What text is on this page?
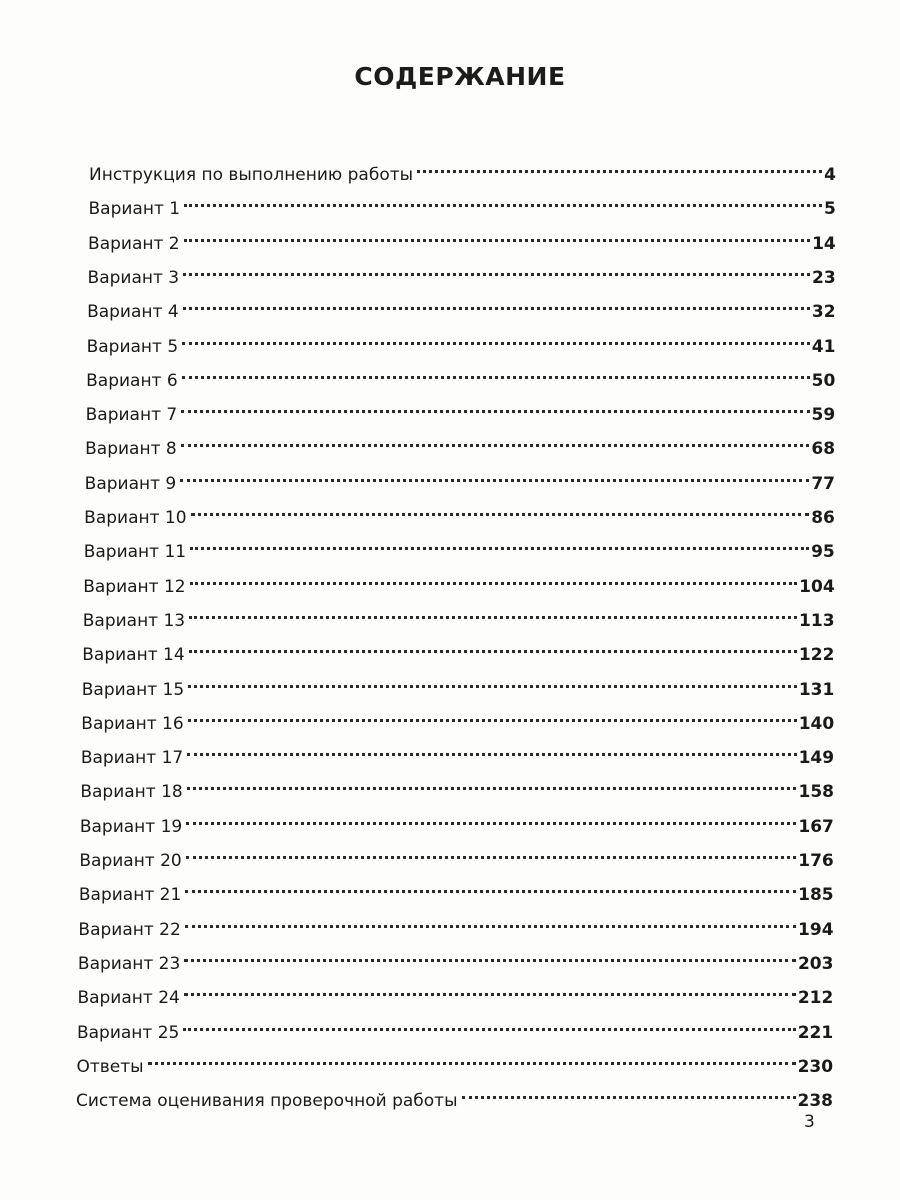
СОДЕРЖАНИЕ
Инструкция по выполнению работы	4
Вариант 1	5
Вариант 2	14
Вариант 3	23
Вариант 4	32
Вариант 5	41
Вариант 6	50
Вариант 7	59
Вариант 8	68
Вариант 9	77
Вариант 10	86
Вариант 11	95
Вариант 12	104
Вариант 13	113
Вариант 14	122
Вариант 15	131
Вариант 16	140
Вариант 17	149
Вариант 18	158
Вариант 19	167
Вариант 20	176
Вариант 21	185
Вариант 22	194
Вариант 23	203
Вариант 24	212
Вариант 25	221
Ответы	230
Система оценивания проверочной работы	238
3
